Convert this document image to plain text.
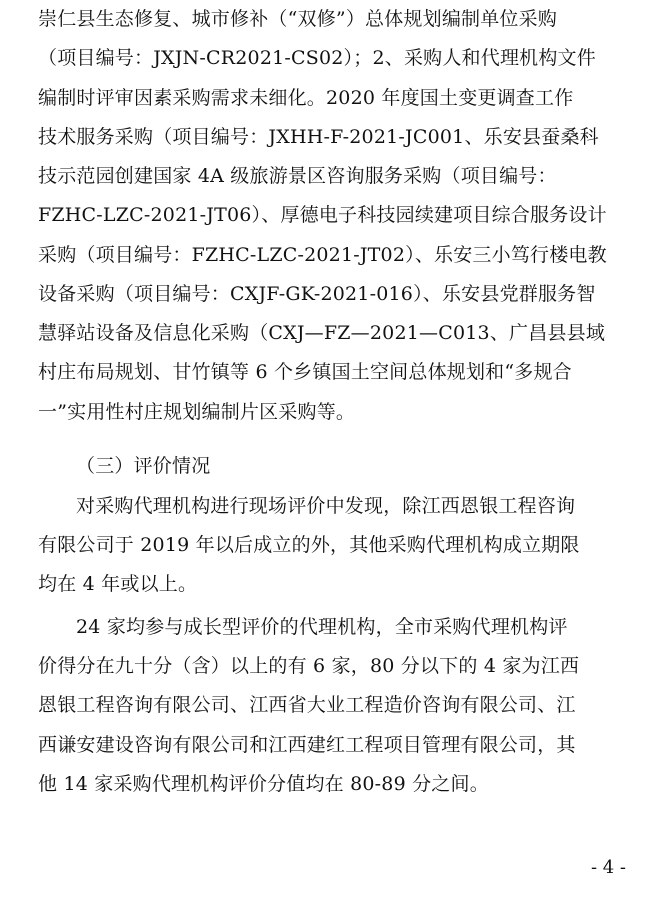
崇仁县生态修复、城市修补（“双修”）总体规划编制单位采购
（项目编号：JXJN-CR2021-CS02）；2、采购人和代理机构文件
编制时评审因素采购需求未细化。2020 年度国土变更调查工作
技术服务采购（项目编号：JXHH-F-2021-JC001、乐安县蚕桑科
技示范园创建国家 4A 级旅游景区咨询服务采购（项目编号：
FZHC-LZC-2021-JT06）、厚德电子科技园续建项目综合服务设计
采购（项目编号：FZHC-LZC-2021-JT02）、乐安三小笃行楼电教
设备采购（项目编号：CXJF-GK-2021-016）、乐安县党群服务智
慧驿站设备及信息化采购（CXJ—FZ—2021—C013、广昌县县域
村庄布局规划、甘竹镇等 6 个乡镇国土空间总体规划和“多规合
一”实用性村庄规划编制片区采购等。
（三）评价情况
对采购代理机构进行现场评价中发现，除江西恩银工程咨询
有限公司于 2019 年以后成立的外，其他采购代理机构成立期限
均在 4 年或以上。
24 家均参与成长型评价的代理机构，全市采购代理机构评
价得分在九十分（含）以上的有 6 家，80 分以下的 4 家为江西
恩银工程咨询有限公司、江西省大业工程造价咨询有限公司、江
西谦安建设咨询有限公司和江西建红工程项目管理有限公司，其
他 14 家采购代理机构评价分值均在 80-89 分之间。
- 4 -
